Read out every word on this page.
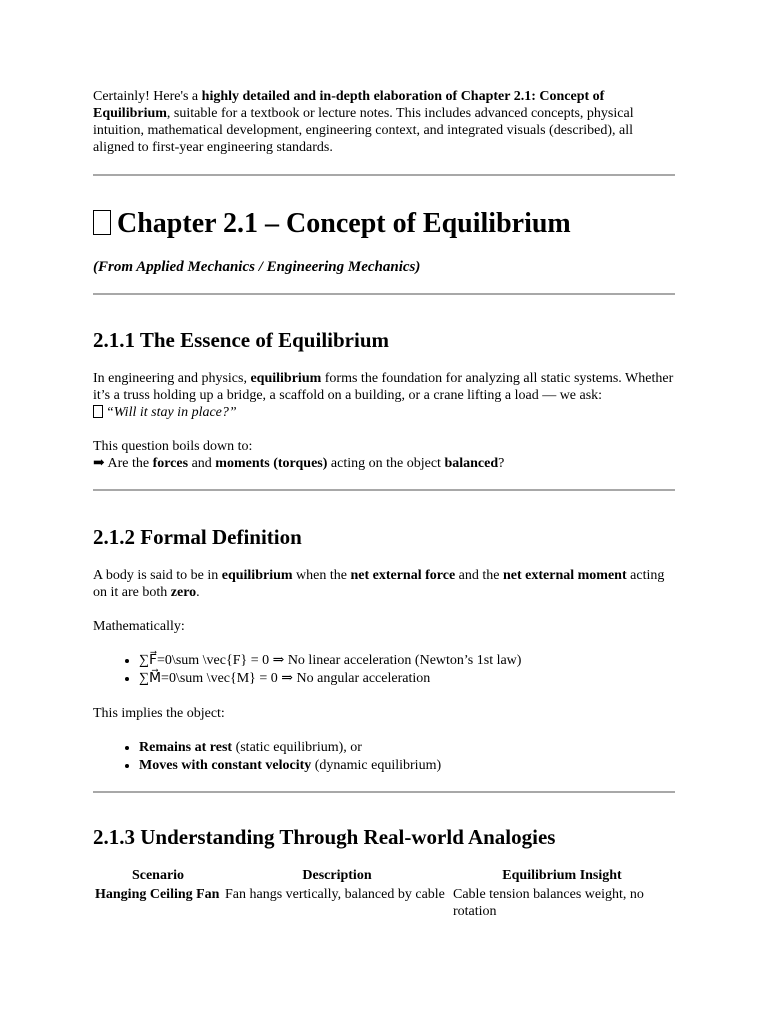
Certainly! Here's a highly detailed and in-depth elaboration of Chapter 2.1: Concept of Equilibrium, suitable for a textbook or lecture notes. This includes advanced concepts, physical intuition, mathematical development, engineering context, and integrated visuals (described), all aligned to first-year engineering standards.

Chapter 2.1 – Concept of Equilibrium

(From Applied Mechanics / Engineering Mechanics)

2.1.1 The Essence of Equilibrium

In engineering and physics, equilibrium forms the foundation for analyzing all static systems. Whether it’s a truss holding up a bridge, a scaffold on a building, or a crane lifting a load — we ask:
“Will it stay in place?”

This question boils down to:
➡ Are the forces and moments (torques) acting on the object balanced?

2.1.2 Formal Definition

A body is said to be in equilibrium when the net external force and the net external moment acting on it are both zero.

Mathematically:

• ∑F⃗=0\sum \vec{F} = 0 ⇒ No linear acceleration (Newton’s 1st law)
• ∑M⃗=0\sum \vec{M} = 0 ⇒ No angular acceleration

This implies the object:

• Remains at rest (static equilibrium), or
• Moves with constant velocity (dynamic equilibrium)
2.1.3 Understanding Through Real-world Analogies
Scenario	Description	Equilibrium Insight
Hanging Ceiling Fan	Fan hangs vertically, balanced by cable	Cable tension balances weight, no rotation
